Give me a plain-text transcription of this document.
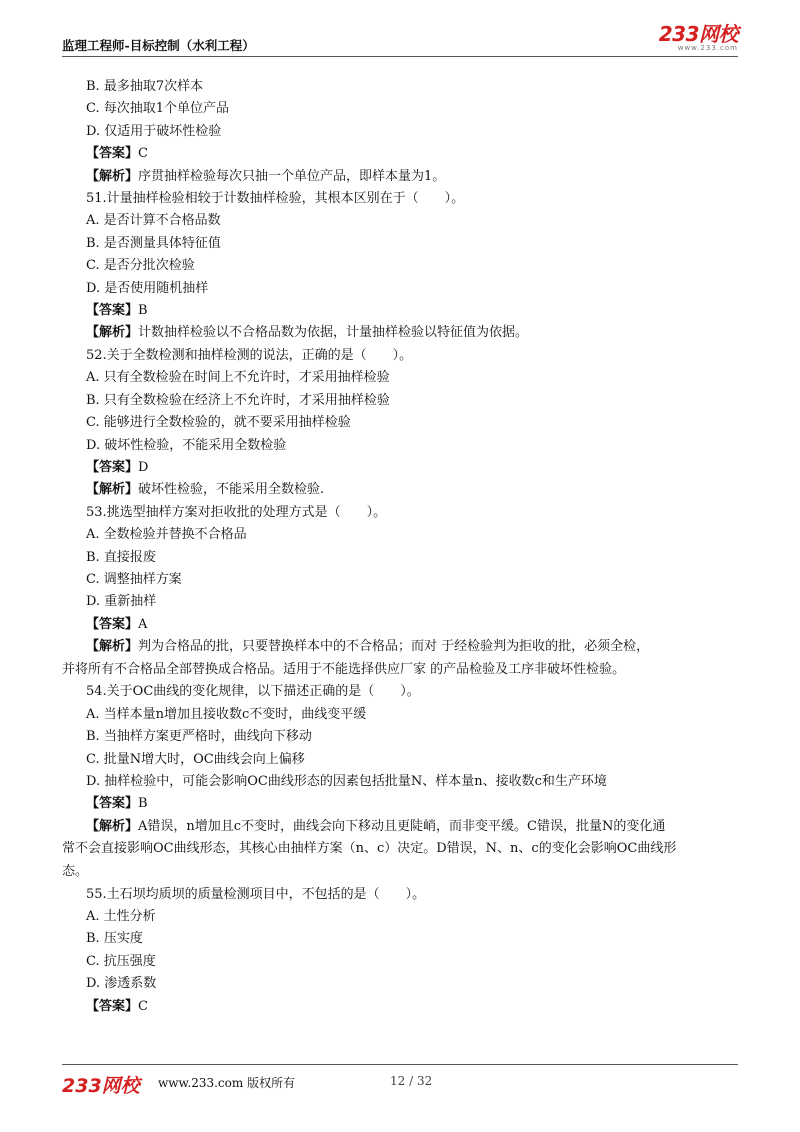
监理工程师-目标控制（水利工程）	233网校
www.233.com
B. 最多抽取7次样本
C. 每次抽取1个单位产品
D. 仅适用于破坏性检验
【答案】C
【解析】序贯抽样检验每次只抽一个单位产品，即样本量为1。
51.计量抽样检验相较于计数抽样检验，其根本区别在于（　　）。
A. 是否计算不合格品数
B. 是否测量具体特征值
C. 是否分批次检验
D. 是否使用随机抽样
【答案】B
【解析】计数抽样检验以不合格品数为依据，计量抽样检验以特征值为依据。
52.关于全数检测和抽样检测的说法，正确的是（　　）。
A. 只有全数检验在时间上不允许时，才采用抽样检验
B. 只有全数检验在经济上不允许时，才采用抽样检验
C. 能够进行全数检验的，就不要采用抽样检验
D. 破坏性检验，不能采用全数检验
【答案】D
【解析】破坏性检验，不能采用全数检验.
53.挑选型抽样方案对拒收批的处理方式是（　　）。
A. 全数检验并替换不合格品
B. 直接报废
C. 调整抽样方案
D. 重新抽样
【答案】A
【解析】判为合格品的批，只要替换样本中的不合格品；而对 于经检验判为拒收的批，必须全检，
并将所有不合格品全部替换成合格品。适用于不能选择供应厂家 的产品检验及工序非破坏性检验。
54.关于OC曲线的变化规律，以下描述正确的是（　　）。
A. 当样本量n增加且接收数c不变时，曲线变平缓
B. 当抽样方案更严格时，曲线向下移动
C. 批量N增大时，OC曲线会向上偏移
D. 抽样检验中，可能会影响OC曲线形态的因素包括批量N、样本量n、接收数c和生产环境
【答案】B
【解析】A错误，n增加且c不变时，曲线会向下移动且更陡峭，而非变平缓。C错误，批量N的变化通
常不会直接影响OC曲线形态，其核心由抽样方案（n、c）决定。D错误，N、n、c的变化会影响OC曲线形
态。
55.土石坝均质坝的质量检测项目中，不包括的是（　　）。
A. 土性分析
B. 压实度
C. 抗压强度
D. 渗透系数
【答案】C
233网校 www.233.com 版权所有	12 / 32
